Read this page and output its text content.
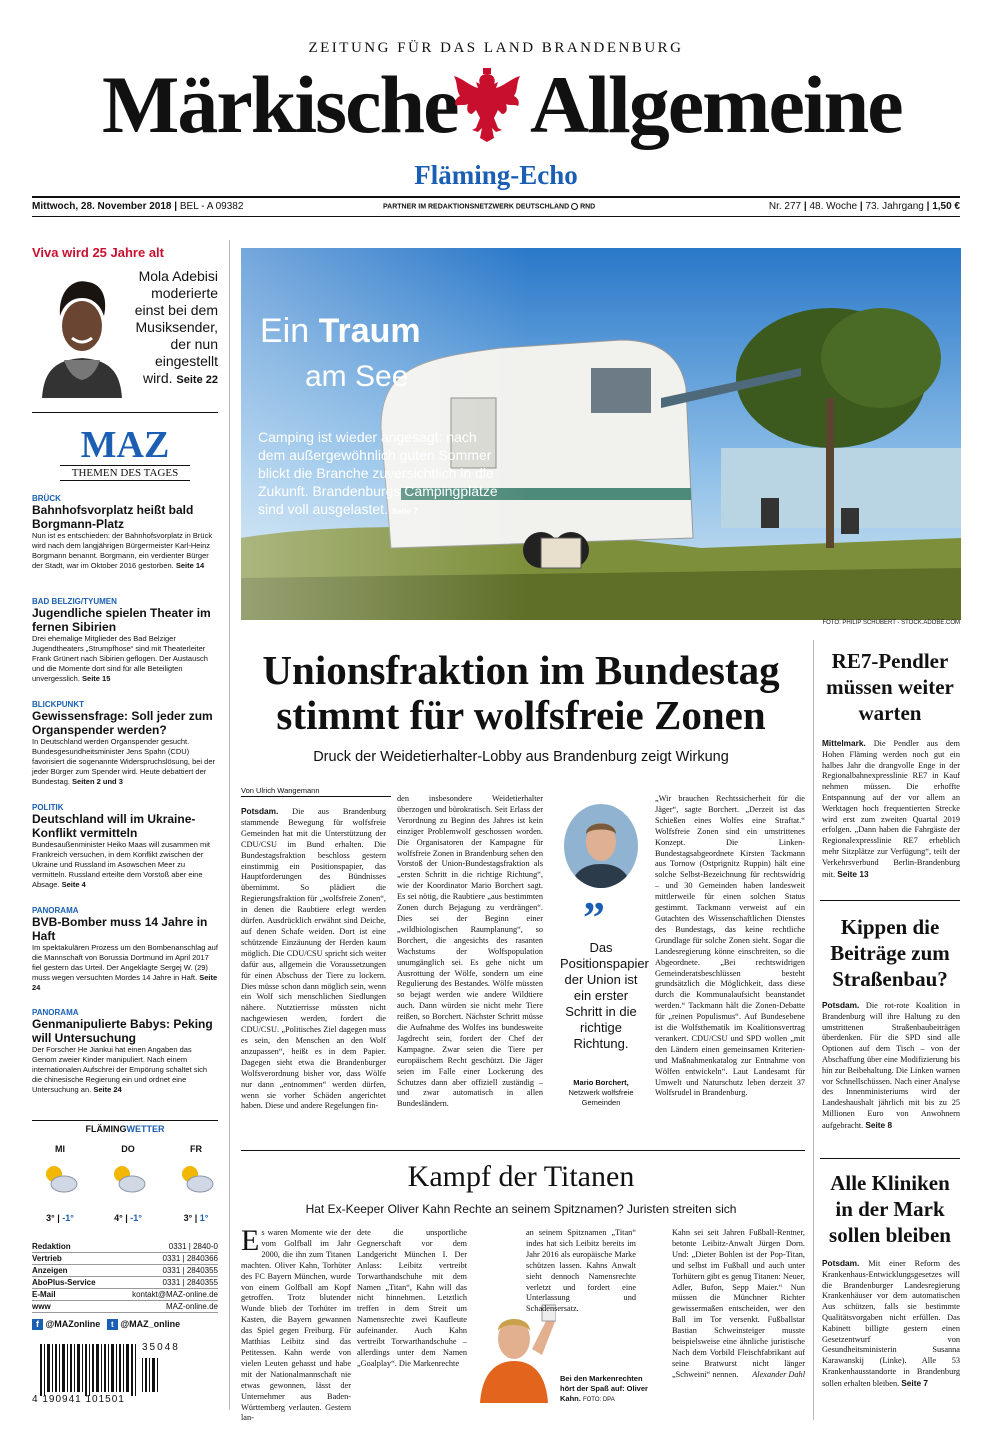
ZEITUNG FÜR DAS LAND BRANDENBURG
Märkische Allgemeine
Fläming-Echo
Mittwoch, 28. November 2018 | BEL - A 09382	PARTNER IM REDAKTIONSNETZWERK DEUTSCHLAND RND	Nr. 277 | 48. Woche | 73. Jahrgang | 1,50 €
Viva wird 25 Jahre alt
Mola Adebisi
moderierte
einst bei dem
Musiksender,
der nun
eingestellt
wird. Seite 22
MAZ
THEMEN DES TAGES
BRÜCK
Bahnhofsvorplatz heißt bald Borgmann-Platz
Nun ist es entschieden: der Bahnhofsvorplatz in Brück wird nach dem langjährigen Bürgermeister Karl-Heinz Borgmann benannt. Borgmann, ein verdienter Bürger der Stadt, war im Oktober 2016 gestorben. Seite 14
BAD BELZIG/TYUMEN
Jugendliche spielen Theater im fernen Sibirien
Drei ehemalige Mitglieder des Bad Belziger Jugendtheaters „Strumpfhose“ sind mit Theaterleiter Frank Grünert nach Sibirien geflogen. Der Austausch und die Momente dort sind für alle Beteiligten unvergesslich. Seite 15
BLICKPUNKT
Gewissensfrage: Soll jeder zum Organspender werden?
In Deutschland werden Organspender gesucht. Bundesgesundheitsminister Jens Spahn (CDU) favorisiert die sogenannte Widerspruchslösung, bei der jeder Bürger zum Spender wird. Heute debattiert der Bundestag. Seiten 2 und 3
POLITIK
Deutschland will im Ukraine-Konflikt vermitteln
Bundesaußenminister Heiko Maas will zusammen mit Frankreich versuchen, in dem Konflikt zwischen der Ukraine und Russland im Asowschen Meer zu vermitteln. Russland erteilte dem Vorstoß aber eine Absage. Seite 4
PANORAMA
BVB-Bomber muss 14 Jahre in Haft
Im spektakulären Prozess um den Bombenanschlag auf die Mannschaft von Borussia Dortmund im April 2017 fiel gestern das Urteil. Der Angeklagte Sergej W. (29) muss wegen versuchten Mordes 14 Jahre in Haft. Seite 24
PANORAMA
Genmanipulierte Babys: Peking will Untersuchung
Der Forscher He Jiankui hat einen Angaben das Genom zweier Kinder manipuliert. Nach einem internationalen Aufschrei der Empörung schaltet sich die chinesische Regierung ein und ordnet eine Untersuchung an. Seite 24
FLÄMINGWETTER
MI	DO	FR
3° | -1°	4° | -1°	3° | 1°
Redaktion	0331 | 2840-0
Vertrieb	0331 | 2840366
Anzeigen	0331 | 2840355
AboPlus-Service	0331 | 2840355
E-Mail	kontakt@MAZ-online.de
www	MAZ-online.de
f @MAZonline t @MAZ_online
35048
4 190941 101501
Ein Traum
am See
Camping ist wieder angesagt: nach dem außergewöhnlich guten Sommer blickt die Branche zuversichtlich in die Zukunft. Brandenburgs Campingplätze sind voll ausgelastet. Seite 7
FOTO: PHILIP SCHUBERT - STOCK.ADOBE.COM
Unionsfraktion im Bundestag
stimmt für wolfsfreie Zonen
Druck der Weidetierhalter-Lobby aus Brandenburg zeigt Wirkung
Von Ulrich Wangemann
Potsdam. Die aus Brandenburg stammende Bewegung für wolfsfreie Gemeinden hat mit die Unterstützung der CDU/CSU im Bund erhalten. Die Bundestagsfraktion beschloss gestern einstimmig ein Positionspapier, das Hauptforderungen des Bündnisses übernimmt. So plädiert die Regierungsfraktion für „wolfsfreie Zonen“, in denen die Raubtiere erlegt werden dürfen. Ausdrücklich erwähnt sind Deiche, auf denen Schafe weiden. Dort ist eine schützende Einzäunung der Herden kaum möglich. Die CDU/CSU spricht sich weiter dafür aus, allgemein die Voraussetzungen für einen Abschuss der Tiere zu lockern. Dies müsse schon dann möglich sein, wenn ein Wolf sich menschlichen Siedlungen nähere. Nutztierrisse müssten nicht nachgewiesen werden, fordert die CDU/CSU. „Politisches Ziel dagegen muss es sein, den Menschen an den Wolf anzupassen“, heißt es in dem Papier. Dagegen sieht etwa die Brandenburger Wolfsverordnung bisher vor, dass Wölfe nur dann „entnommen“ werden dürfen, wenn sie vorher Schäden angerichtet haben. Diese und andere Regelungen fin-
den insbesondere Weidetierhalter überzogen und bürokratisch. Seit Erlass der Verordnung zu Beginn des Jahres ist kein einziger Problemwolf geschossen worden. Die Organisatoren der Kampagne für wolfsfreie Zonen in Brandenburg sehen den Vorstoß der Union-Bundestagsfraktion als „ersten Schritt in die richtige Richtung“, wie der Koordinator Mario Borchert sagt. Es sei nötig, die Raubtiere „aus bestimmten Zonen durch Bejagung zu verdrängen“. Dies sei der Beginn einer „wildbiologischen Raumplanung“, so Borchert, die angesichts des rasanten Wachstums der Wolfspopulation unumgänglich sei. Es gehe nicht um Ausrottung der Wölfe, sondern um eine Regulierung des Bestandes. Wölfe müssten so bejagt werden wie andere Wildtiere auch. Dann würden sie nicht mehr Tiere reißen, so Borchert. Nächster Schritt müsse die Aufnahme des Wolfes ins bundesweite Jagdrecht sein, fordert der Chef der Kampagne. Zwar seien die Tiere per europäischem Recht geschützt. Die Jäger seien im Falle einer Lockerung des Schutzes dann aber offiziell zuständig – und zwar automatisch in allen Bundesländern.
”
Das Positionspapier der Union ist ein erster Schritt in die richtige Richtung.
Mario Borchert,
Netzwerk wolfsfreie Gemeinden
„Wir brauchen Rechtssicherheit für die Jäger“, sagte Borchert. „Derzeit ist das Schießen eines Wolfes eine Straftat.“ Wolfsfreie Zonen sind ein umstrittenes Konzept. Die Linken-Bundestagsabgeordnete Kirsten Tackmann aus Tornow (Ostprignitz Ruppin) hält eine solche Selbst-Bezeichnung für rechtswidrig – und 30 Gemeinden haben landesweit mittlerweile für einen solchen Status gestimmt. Tackmann verweist auf ein Gutachten des Wissenschaftlichen Dienstes des Bundestags, das keine rechtliche Grundlage für solche Zonen sieht. Sogar die Landesregierung könne einschreiten, so die Abgeordnete. „Bei rechtswidrigen Gemeinderatsbeschlüssen besteht grundsätzlich die Möglichkeit, dass diese durch die Kommunalaufsicht beanstandet werden.“ Tackmann hält die Zonen-Debatte für „reinen Populismus“. Auf Bundesebene ist die Wolfsthematik im Koalitionsvertrag verankert. CDU/CSU und SPD wollen „mit den Ländern einen gemeinsamen Kriterien- und Maßnahmenkatalog zur Entnahme von Wölfen entwickeln“. Laut Landesamt für Umwelt und Naturschutz leben derzeit 37 Wolfsrudel in Brandenburg.
RE7-Pendler müssen weiter warten
Mittelmark. Die Pendler aus dem Hohen Fläming werden noch gut ein halbes Jahr die drangvolle Enge in der Regionalbahnexpresslinie RE7 in Kauf nehmen müssen. Die erhoffte Entspannung auf der vor allem an Werktagen hoch frequentierten Strecke wird erst zum zweiten Quartal 2019 erfolgen. „Dann haben die Fahrgäste der Regionalexpresslinie RE7 erheblich mehr Sitzplätze zur Verfügung“, teilt der Verkehrsverbund Berlin-Brandenburg mit. Seite 13
Kippen die Beiträge zum Straßenbau?
Potsdam. Die rot-rote Koalition in Brandenburg will ihre Haltung zu den umstrittenen Straßenbaubeiträgen überdenken. Für die SPD sind alle Optionen auf dem Tisch – von der Abschaffung über eine Modifizierung bis hin zur Beibehaltung. Die Linken warnen vor Schnellschüssen. Nach einer Analyse des Innenministeriums wird der Landeshaushalt jährlich mit bis zu 25 Millionen Euro von Anwohnern aufgebracht. Seite 8
Alle Kliniken in der Mark sollen bleiben
Potsdam. Mit einer Reform des Krankenhaus-Entwicklungsgesetzes will die Brandenburger Landesregierung Krankenhäuser vor dem automatischen Aus schützen, falls sie bestimmte Qualitätsvorgaben nicht erfüllen. Das Kabinett billigte gestern einen Gesetzentwurf von Gesundheitsministerin Susanna Karawanskij (Linke). Alle 53 Krankenhausstandorte in Brandenburg sollen erhalten bleiben. Seite 7
Kampf der Titanen
Hat Ex-Keeper Oliver Kahn Rechte an seinem Spitznamen? Juristen streiten sich
E s waren Momente wie der vom Golfball im Jahr 2000, die ihn zum Titanen machten. Oliver Kahn, Torhüter des FC Bayern München, wurde von einem Golfball am Kopf getroffen. Trotz blutender Wunde blieb der Torhüter im Kasten, die Bayern gewannen das Spiel gegen Freiburg. Für Matthias Leibitz sind das Petitessen. Kahn werde von vielen Leuten gehasst und habe mit der Nationalmannschaft nie etwas gewonnen, lässt der Unternehmer aus Baden-Württemberg verlauten. Gestern lan-
dete die unsportliche Gegnerschaft vor dem Landgericht München I. Der Anlass: Leibitz vertreibt Torwarthandschuhe mit dem Namen „Titan“, Kahn will das nicht hinnehmen. Letztlich treffen in dem Streit um Namensrechte zwei Kaufleute aufeinander. Auch Kahn vertreibt Torwarthandschuhe – allerdings unter dem Namen „Goalplay“. Die Markenrechte
an seinem Spitznamen „Titan“ indes hat sich Leibitz bereits im Jahr 2016 als europäische Marke schützen lassen. Kahns Anwalt sieht dennoch Namensrechte verletzt und fordert eine Unterlassung und Schadensersatz.
Bei den Markenrechten hört der Spaß auf: Oliver Kahn. FOTO: DPA
Kahn sei seit Jahren Fußball-Rentner, betonte Leibitz-Anwalt Jürgen Dorn. Und: „Dieter Bohlen ist der Pop-Titan, und selbst im Fußball und auch unter Torhütern gibt es genug Titanen: Neuer, Adler, Bufon, Sepp Maier.“ Nun müssen die Münchner Richter gewissermaßen entscheiden, wer den Ball im Tor versenkt. Fußballstar Bastian Schweinsteiger musste beispielsweise eine ähnliche juristische Nach dem Vorbild Fleischfabrikant auf seine Bratwurst nicht länger „Schweini“ nennen. Alexander Dahl
